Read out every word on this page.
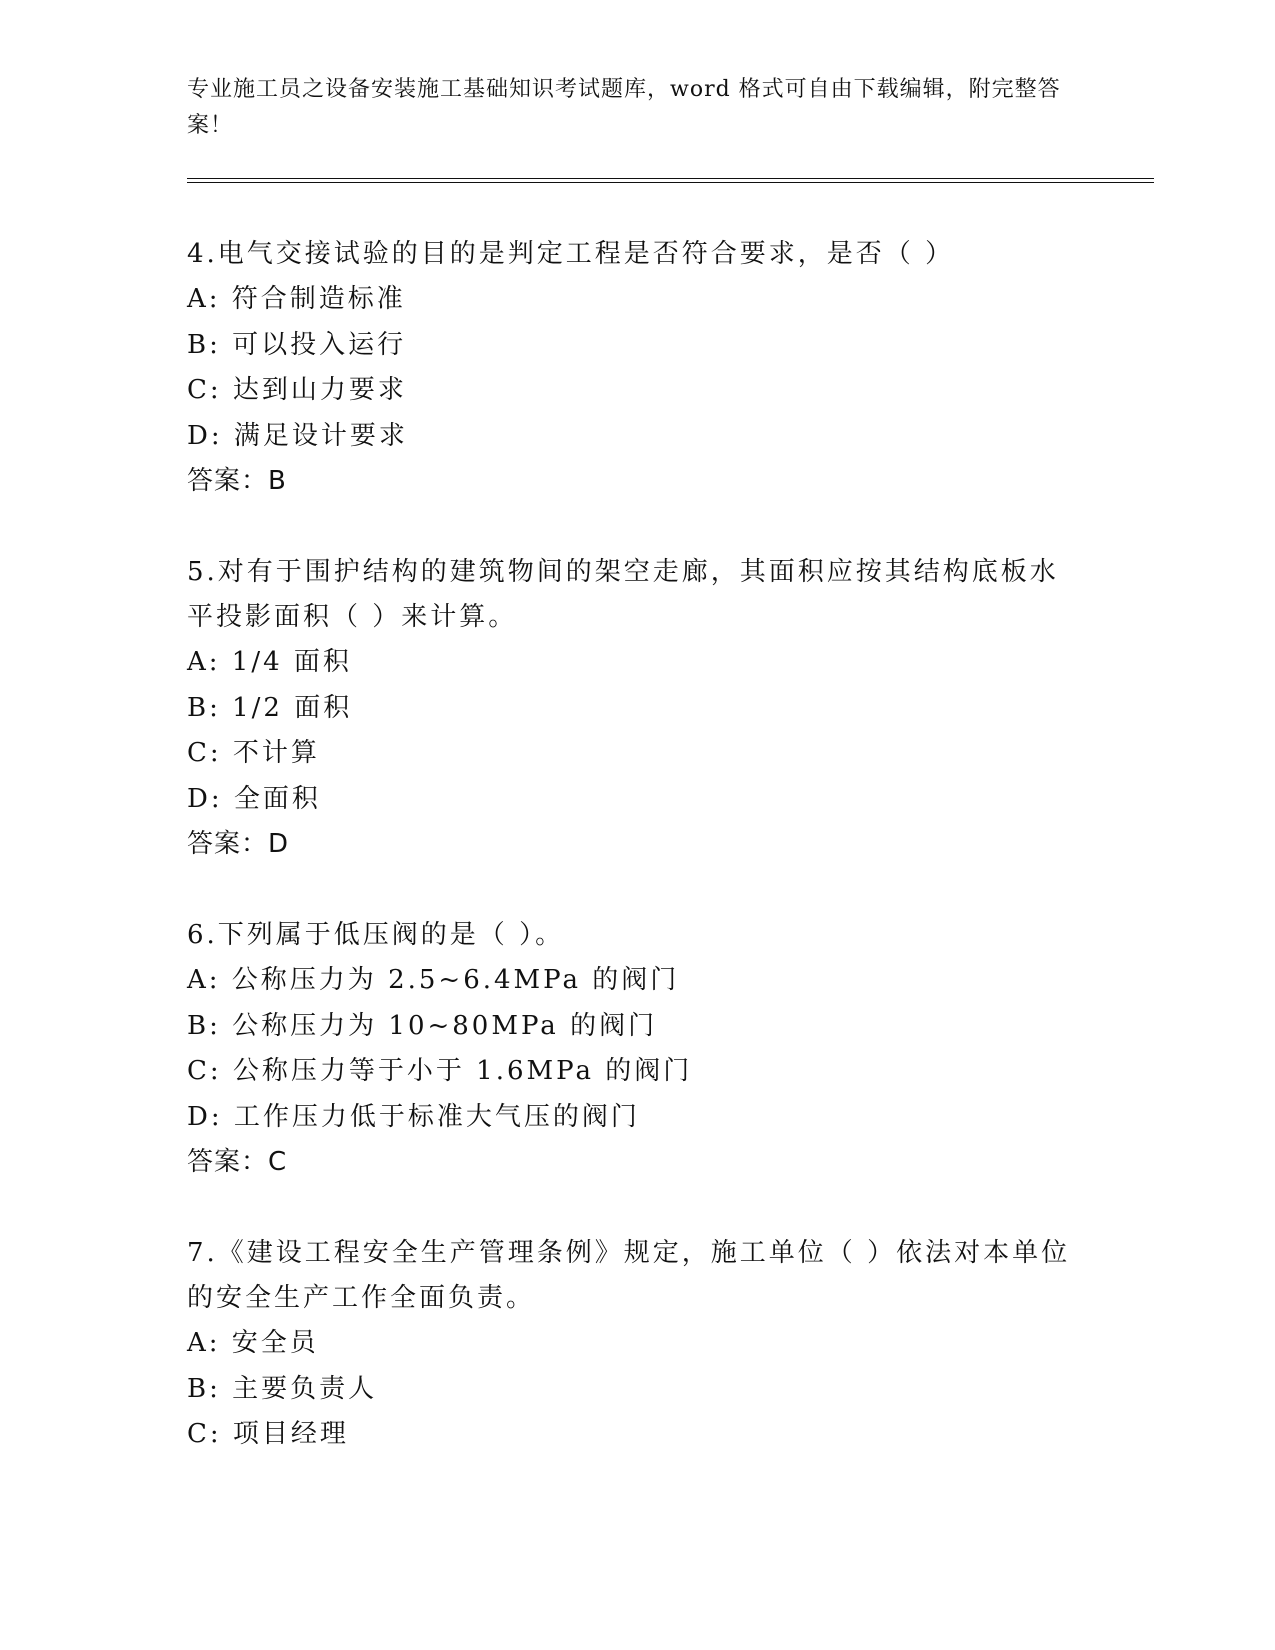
专业施工员之设备安装施工基础知识考试题库，word 格式可自由下载编辑，附完整答案！

4.电气交接试验的目的是判定工程是否符合要求，是否（ ）

A: 符合制造标准

B: 可以投入运行

C: 达到山力要求

D: 满足设计要求

答案：B

5.对有于围护结构的建筑物间的架空走廊，其面积应按其结构底板水平投影面积（ ）来计算。

A: 1/4 面积

B: 1/2 面积

C: 不计算

D: 全面积

答案：D

6.下列属于低压阀的是（ ）。

A: 公称压力为 2.5~6.4MPa 的阀门

B: 公称压力为 10~80MPa 的阀门

C: 公称压力等于小于 1.6MPa 的阀门

D: 工作压力低于标准大气压的阀门

答案：C

7.《建设工程安全生产管理条例》规定，施工单位（ ）依法对本单位的安全生产工作全面负责。

A: 安全员

B: 主要负责人

C: 项目经理
